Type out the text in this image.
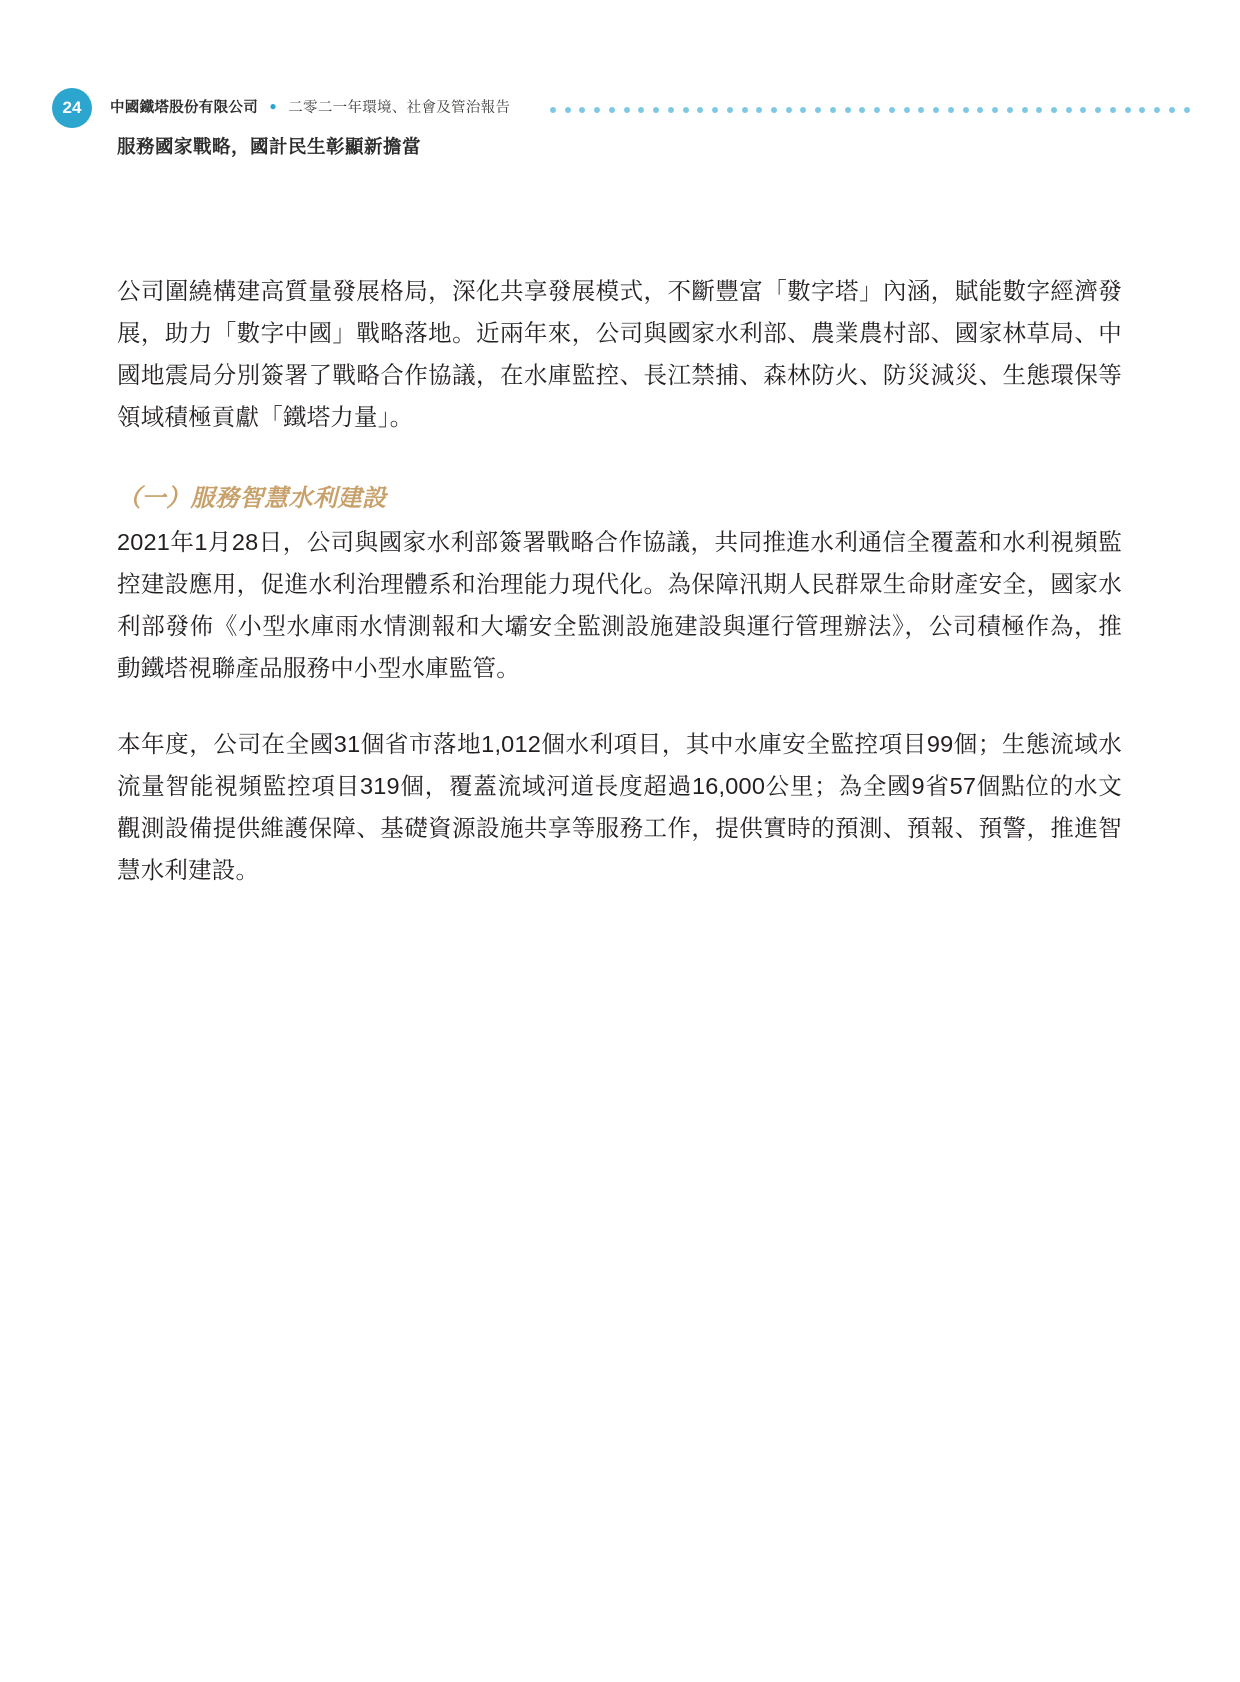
24	中國鐵塔股份有限公司 ● 二零二一年環境、社會及管治報告
服務國家戰略，國計民生彰顯新擔當

公司圍繞構建高質量發展格局，深化共享發展模式，不斷豐富「數字塔」內涵，賦能數字經濟發展，助力「數字中國」戰略落地。近兩年來，公司與國家水利部、農業農村部、國家林草局、中國地震局分別簽署了戰略合作協議，在水庫監控、長江禁捕、森林防火、防災減災、生態環保等領域積極貢獻「鐵塔力量」。

（一）服務智慧水利建設

2021年1月28日，公司與國家水利部簽署戰略合作協議，共同推進水利通信全覆蓋和水利視頻監控建設應用，促進水利治理體系和治理能力現代化。為保障汛期人民群眾生命財產安全，國家水利部發佈《小型水庫雨水情測報和大壩安全監測設施建設與運行管理辦法》，公司積極作為，推動鐵塔視聯產品服務中小型水庫監管。

本年度，公司在全國31個省市落地1,012個水利項目，其中水庫安全監控項目99個；生態流域水流量智能視頻監控項目319個，覆蓋流域河道長度超過16,000公里；為全國9省57個點位的水文觀測設備提供維護保障、基礎資源設施共享等服務工作，提供實時的預測、預報、預警，推進智慧水利建設。
